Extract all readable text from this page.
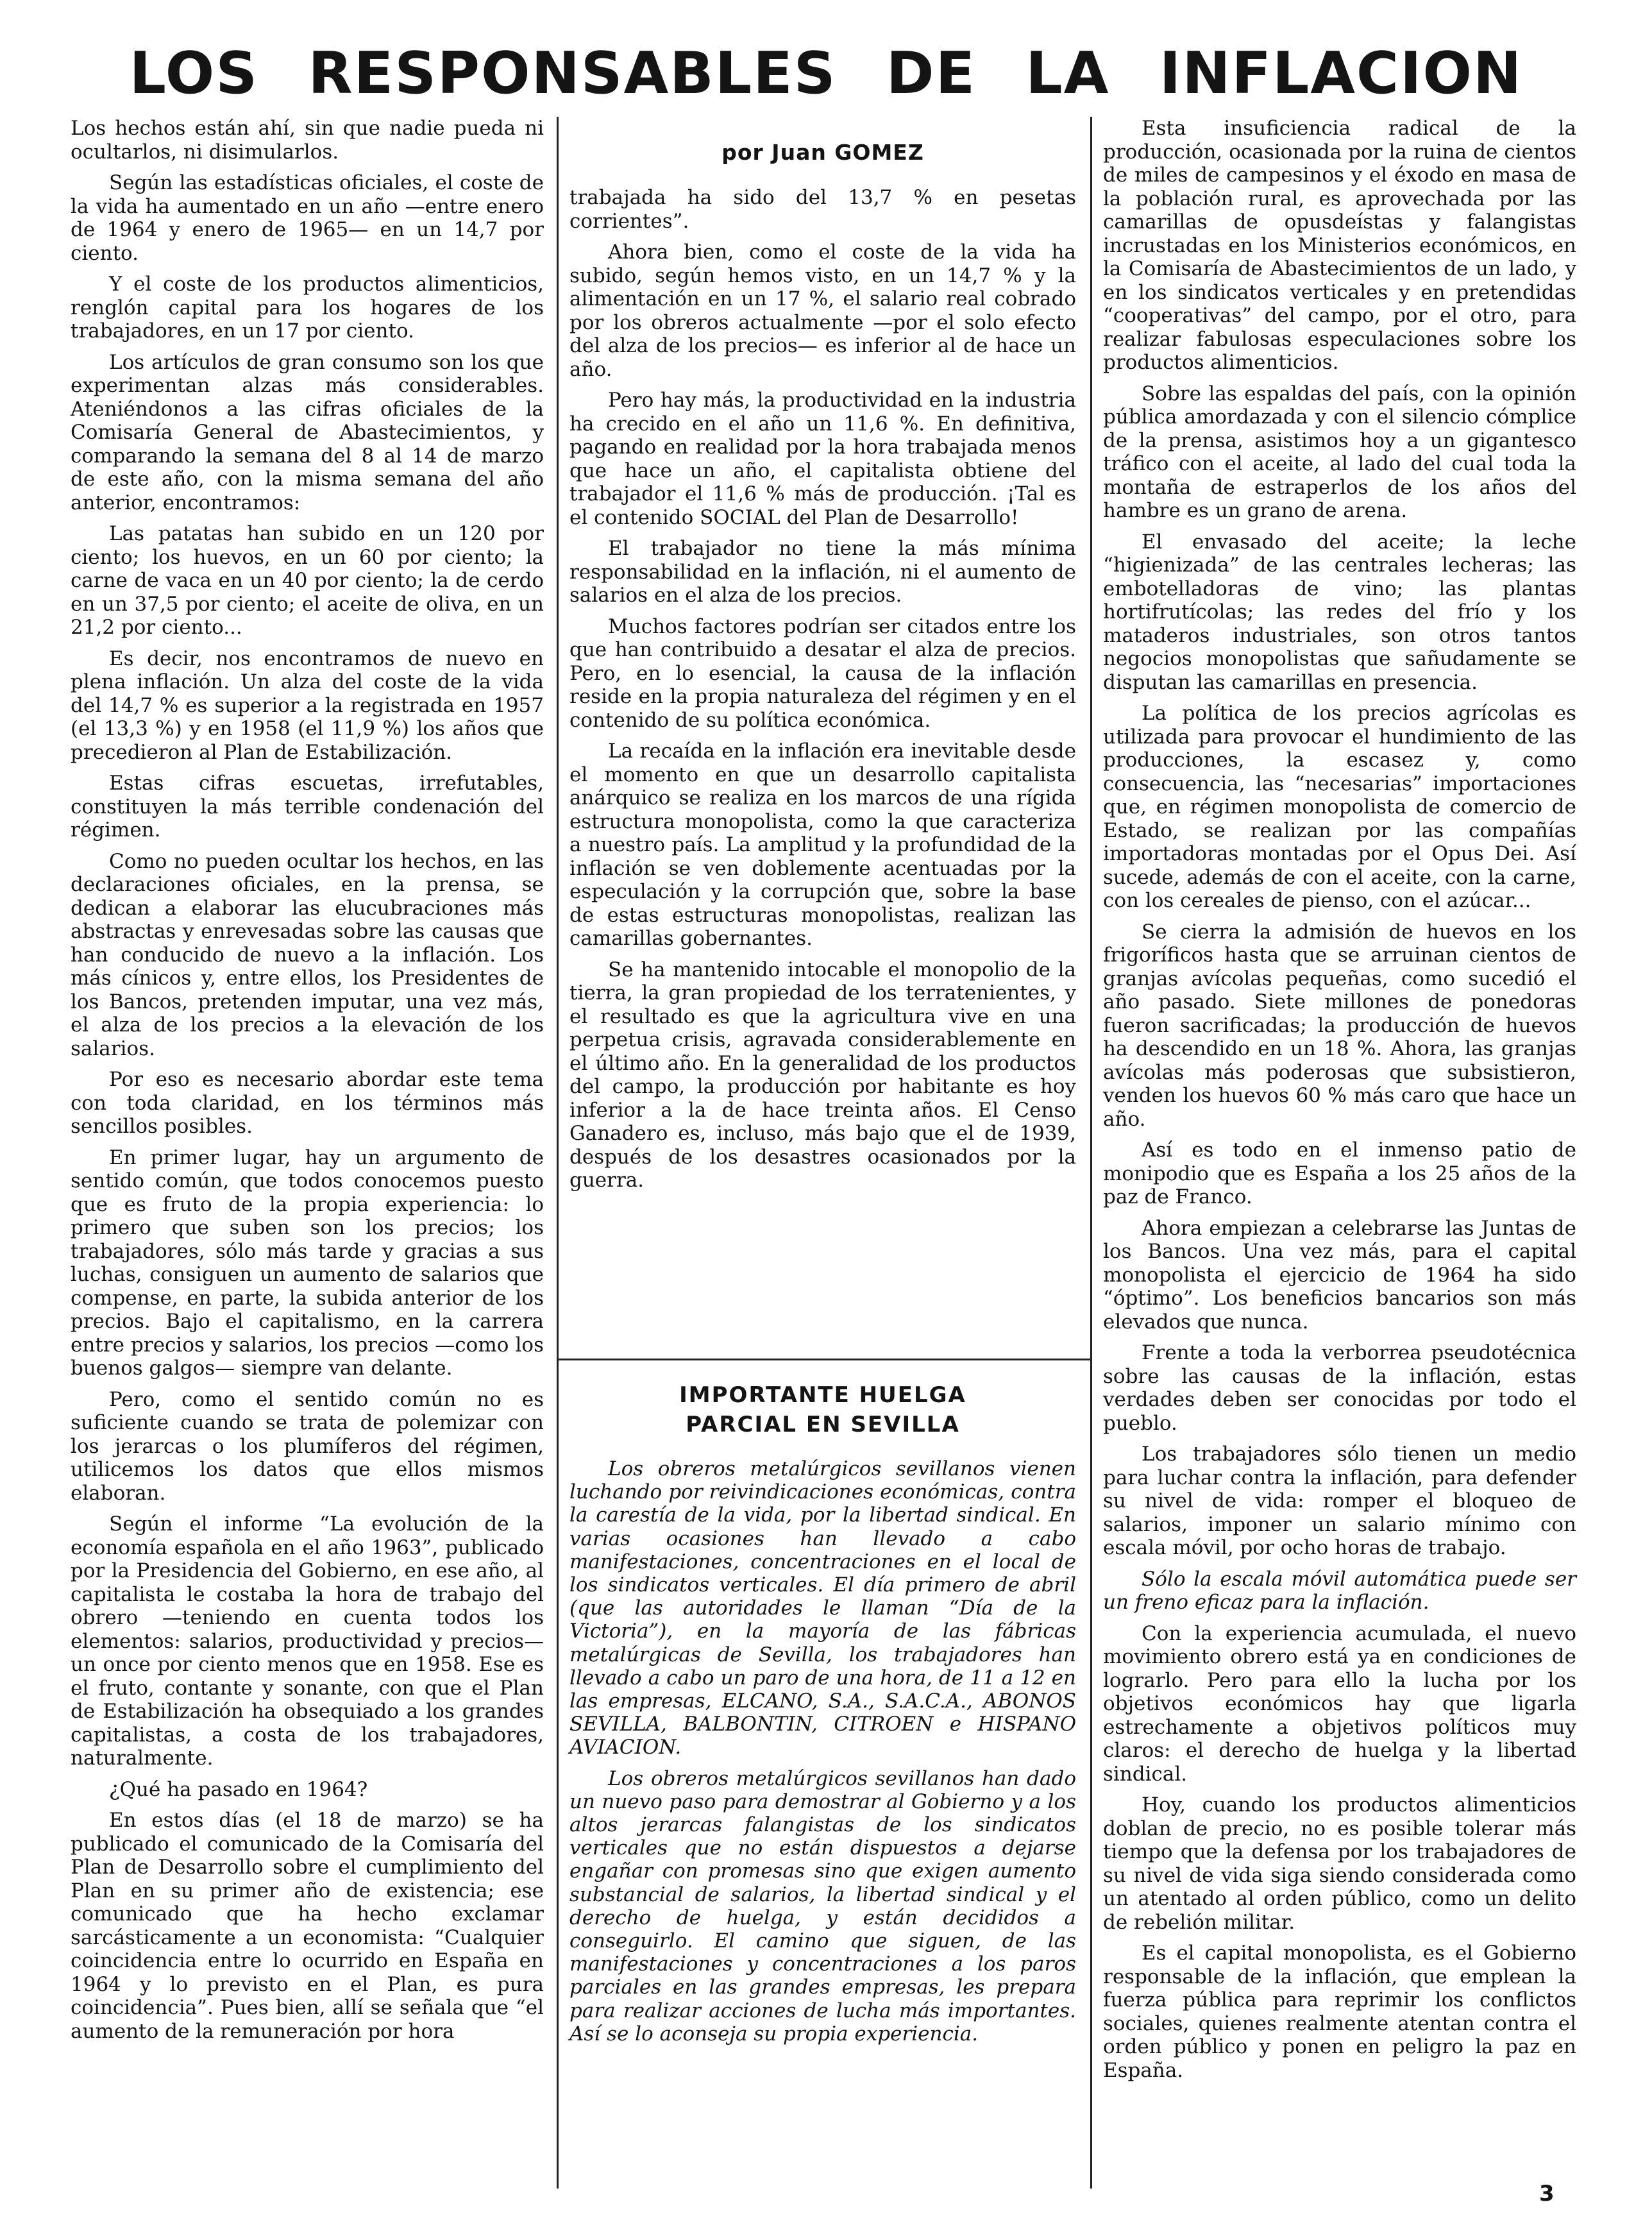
LOS RESPONSABLES DE LA INFLACION

Los hechos están ahí, sin que nadie pueda ni ocultarlos, ni disimularlos.

Según las estadísticas oficiales, el coste de la vida ha aumentado en un año —entre enero de 1964 y enero de 1965— en un 14,7 por ciento.

Y el coste de los productos alimenticios, renglón capital para los hogares de los trabajadores, en un 17 por ciento.

Los artículos de gran consumo son los que experimentan alzas más considerables. Ateniéndonos a las cifras oficiales de la Comisaría General de Abastecimientos, y comparando la semana del 8 al 14 de marzo de este año, con la misma semana del año anterior, encontramos:

Las patatas han subido en un 120 por ciento; los huevos, en un 60 por ciento; la carne de vaca en un 40 por ciento; la de cerdo en un 37,5 por ciento; el aceite de oliva, en un 21,2 por ciento...

Es decir, nos encontramos de nuevo en plena inflación. Un alza del coste de la vida del 14,7 % es superior a la registrada en 1957 (el 13,3 %) y en 1958 (el 11,9 %) los años que precedieron al Plan de Estabilización.

Estas cifras escuetas, irrefutables, constituyen la más terrible condenación del régimen.

Como no pueden ocultar los hechos, en las declaraciones oficiales, en la prensa, se dedican a elaborar las elucubraciones más abstractas y enrevesadas sobre las causas que han conducido de nuevo a la inflación. Los más cínicos y, entre ellos, los Presidentes de los Bancos, pretenden imputar, una vez más, el alza de los precios a la elevación de los salarios.

Por eso es necesario abordar este tema con toda claridad, en los términos más sencillos posibles.

En primer lugar, hay un argumento de sentido común, que todos conocemos puesto que es fruto de la propia experiencia: lo primero que suben son los precios; los trabajadores, sólo más tarde y gracias a sus luchas, consiguen un aumento de salarios que compense, en parte, la subida anterior de los precios. Bajo el capitalismo, en la carrera entre precios y salarios, los precios —como los buenos galgos— siempre van delante.

Pero, como el sentido común no es suficiente cuando se trata de polemizar con los jerarcas o los plumíferos del régimen, utilicemos los datos que ellos mismos elaboran.

Según el informe “La evolución de la economía española en el año 1963”, publicado por la Presidencia del Gobierno, en ese año, al capitalista le costaba la hora de trabajo del obrero —teniendo en cuenta todos los elementos: salarios, productividad y precios— un once por ciento menos que en 1958. Ese es el fruto, contante y sonante, con que el Plan de Estabilización ha obsequiado a los grandes capitalistas, a costa de los trabajadores, naturalmente.

¿Qué ha pasado en 1964?

En estos días (el 18 de marzo) se ha publicado el comunicado de la Comisaría del Plan de Desarrollo sobre el cumplimiento del Plan en su primer año de existencia; ese comunicado que ha hecho exclamar sarcásticamente a un economista: “Cualquier coincidencia entre lo ocurrido en España en 1964 y lo previsto en el Plan, es pura coincidencia”. Pues bien, allí se señala que “el aumento de la remuneración por hora

por Juan GOMEZ

trabajada ha sido del 13,7 % en pesetas corrientes”.

Ahora bien, como el coste de la vida ha subido, según hemos visto, en un 14,7 % y la alimentación en un 17 %, el salario real cobrado por los obreros actualmente —por el solo efecto del alza de los precios— es inferior al de hace un año.

Pero hay más, la productividad en la industria ha crecido en el año un 11,6 %. En definitiva, pagando en realidad por la hora trabajada menos que hace un año, el capitalista obtiene del trabajador el 11,6 % más de producción. ¡Tal es el contenido SOCIAL del Plan de Desarrollo!

El trabajador no tiene la más mínima responsabilidad en la inflación, ni el aumento de salarios en el alza de los precios.

Muchos factores podrían ser citados entre los que han contribuido a desatar el alza de precios. Pero, en lo esencial, la causa de la inflación reside en la propia naturaleza del régimen y en el contenido de su política económica.

La recaída en la inflación era inevitable desde el momento en que un desarrollo capitalista anárquico se realiza en los marcos de una rígida estructura monopolista, como la que caracteriza a nuestro país. La amplitud y la profundidad de la inflación se ven doblemente acentuadas por la especulación y la corrupción que, sobre la base de estas estructuras monopolistas, realizan las camarillas gobernantes.

Se ha mantenido intocable el monopolio de la tierra, la gran propiedad de los terratenientes, y el resultado es que la agricultura vive en una perpetua crisis, agravada considerablemente en el último año. En la generalidad de los productos del campo, la producción por habitante es hoy inferior a la de hace treinta años. El Censo Ganadero es, incluso, más bajo que el de 1939, después de los desastres ocasionados por la guerra.

IMPORTANTE HUELGA
PARCIAL EN SEVILLA

Los obreros metalúrgicos sevillanos vienen luchando por reivindicaciones económicas, contra la carestía de la vida, por la libertad sindical. En varias ocasiones han llevado a cabo manifestaciones, concentraciones en el local de los sindicatos verticales. El día primero de abril (que las autoridades le llaman “Día de la Victoria”), en la mayoría de las fábricas metalúrgicas de Sevilla, los trabajadores han llevado a cabo un paro de una hora, de 11 a 12 en las empresas, ELCANO, S.A., S.A.C.A., ABONOS SEVILLA, BALBONTIN, CITROEN e HISPANO AVIACION.

Los obreros metalúrgicos sevillanos han dado un nuevo paso para demostrar al Gobierno y a los altos jerarcas falangistas de los sindicatos verticales que no están dispuestos a dejarse engañar con promesas sino que exigen aumento substancial de salarios, la libertad sindical y el derecho de huelga, y están decididos a conseguirlo. El camino que siguen, de las manifestaciones y concentraciones a los paros parciales en las grandes empresas, les prepara para realizar acciones de lucha más importantes. Así se lo aconseja su propia experiencia.

Esta insuficiencia radical de la producción, ocasionada por la ruina de cientos de miles de campesinos y el éxodo en masa de la población rural, es aprovechada por las camarillas de opusdeístas y falangistas incrustadas en los Ministerios económicos, en la Comisaría de Abastecimientos de un lado, y en los sindicatos verticales y en pretendidas “cooperativas” del campo, por el otro, para realizar fabulosas especulaciones sobre los productos alimenticios.

Sobre las espaldas del país, con la opinión pública amordazada y con el silencio cómplice de la prensa, asistimos hoy a un gigantesco tráfico con el aceite, al lado del cual toda la montaña de estraperlos de los años del hambre es un grano de arena.

El envasado del aceite; la leche “higienizada” de las centrales lecheras; las embotelladoras de vino; las plantas hortifrutícolas; las redes del frío y los mataderos industriales, son otros tantos negocios monopolistas que sañudamente se disputan las camarillas en presencia.

La política de los precios agrícolas es utilizada para provocar el hundimiento de las producciones, la escasez y, como consecuencia, las “necesarias” importaciones que, en régimen monopolista de comercio de Estado, se realizan por las compañías importadoras montadas por el Opus Dei. Así sucede, además de con el aceite, con la carne, con los cereales de pienso, con el azúcar...

Se cierra la admisión de huevos en los frigoríficos hasta que se arruinan cientos de granjas avícolas pequeñas, como sucedió el año pasado. Siete millones de ponedoras fueron sacrificadas; la producción de huevos ha descendido en un 18 %. Ahora, las granjas avícolas más poderosas que subsistieron, venden los huevos 60 % más caro que hace un año.

Así es todo en el inmenso patio de monipodio que es España a los 25 años de la paz de Franco.

Ahora empiezan a celebrarse las Juntas de los Bancos. Una vez más, para el capital monopolista el ejercicio de 1964 ha sido “óptimo”. Los beneficios bancarios son más elevados que nunca.

Frente a toda la verborrea pseudotécnica sobre las causas de la inflación, estas verdades deben ser conocidas por todo el pueblo.

Los trabajadores sólo tienen un medio para luchar contra la inflación, para defender su nivel de vida: romper el bloqueo de salarios, imponer un salario mínimo con escala móvil, por ocho horas de trabajo.

Sólo la escala móvil automática puede ser un freno eficaz para la inflación.

Con la experiencia acumulada, el nuevo movimiento obrero está ya en condiciones de lograrlo. Pero para ello la lucha por los objetivos económicos hay que ligarla estrechamente a objetivos políticos muy claros: el derecho de huelga y la libertad sindical.

Hoy, cuando los productos alimenticios doblan de precio, no es posible tolerar más tiempo que la defensa por los trabajadores de su nivel de vida siga siendo considerada como un atentado al orden público, como un delito de rebelión militar.

Es el capital monopolista, es el Gobierno responsable de la inflación, que emplean la fuerza pública para reprimir los conflictos sociales, quienes realmente atentan contra el orden público y ponen en peligro la paz en España.

3
